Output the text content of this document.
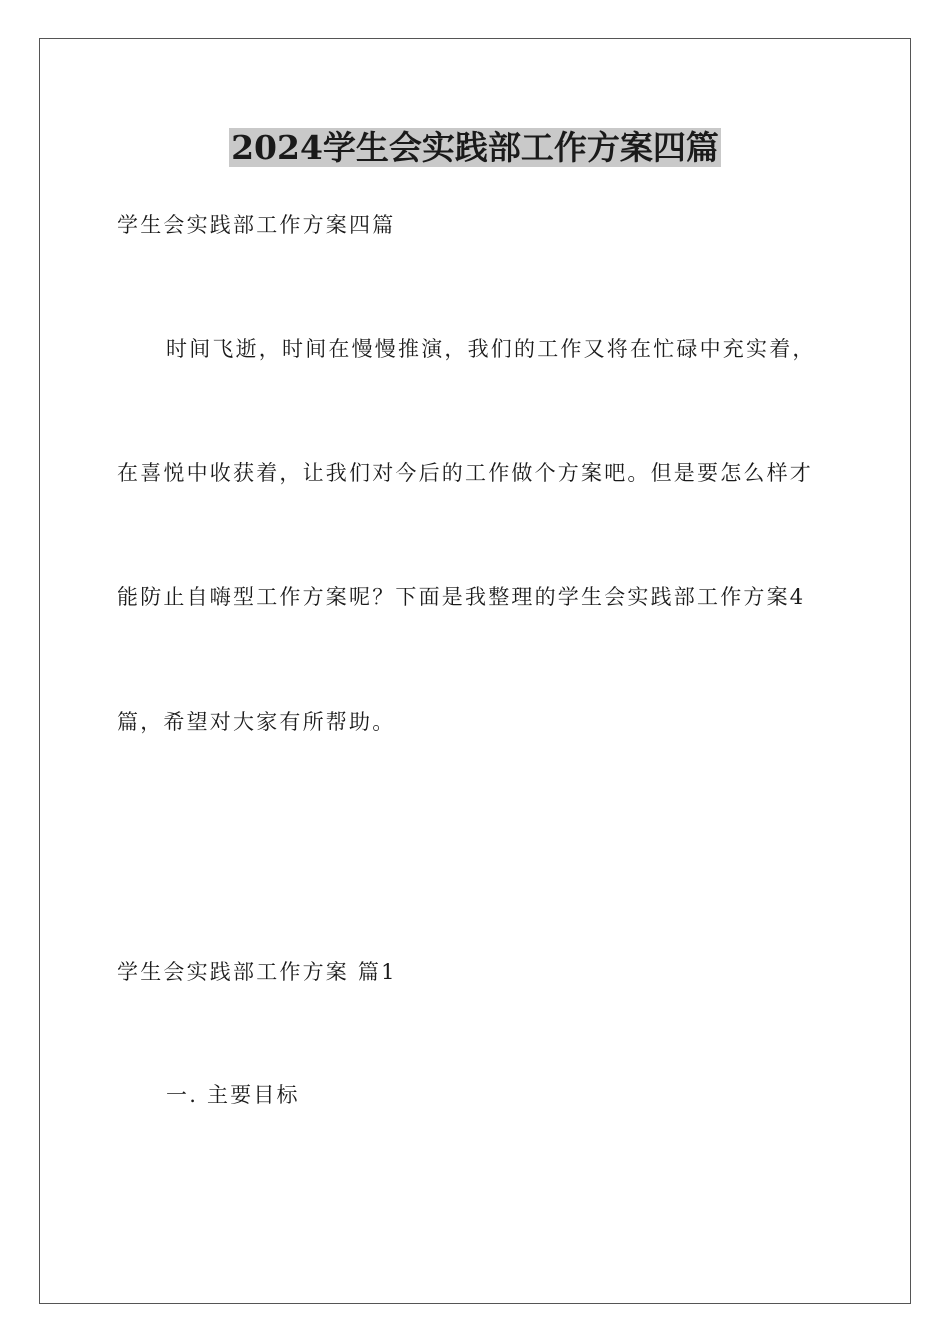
2024学生会实践部工作方案四篇
学生会实践部工作方案四篇
时间飞逝，时间在慢慢推演，我们的工作又将在忙碌中充实着，
在喜悦中收获着，让我们对今后的工作做个方案吧。但是要怎么样才
能防止自嗨型工作方案呢？下面是我整理的学生会实践部工作方案4
篇，希望对大家有所帮助。
学生会实践部工作方案 篇1
一. 主要目标
